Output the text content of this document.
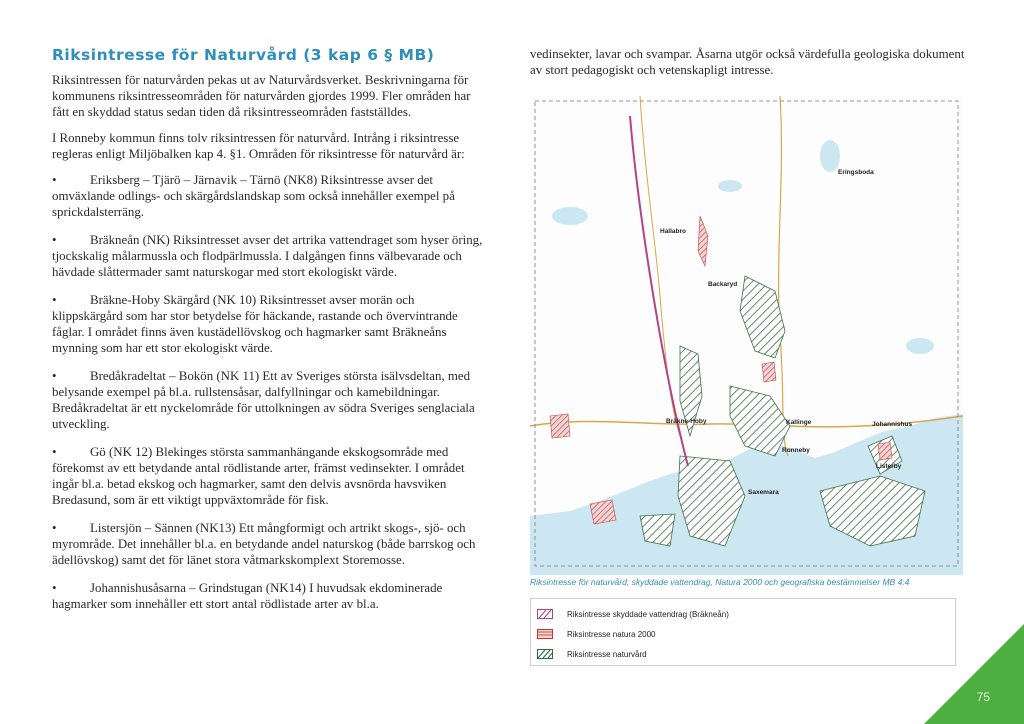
Riksintresse för Naturvård (3 kap 6 § MB)

Riksintressen för naturvården pekas ut av Naturvårdsverket. Beskrivningarna för kommunens riksintresseområden för naturvården gjordes 1999. Fler områden har fått en skyddad status sedan tiden då riksintresseområden fastställdes.

I Ronneby kommun finns tolv riksintressen för naturvård. Intrång i riksintresse regleras enligt Miljöbalken kap 4. §1. Områden för riksintresse för naturvård är:

•	Eriksberg – Tjärö – Järnavik – Tärnö (NK8) Riksintresse avser det omväxlande odlings- och skärgårdslandskap som också innehåller exempel på sprickdalsterräng.
•	Bräkneån (NK) Riksintresset avser det artrika vattendraget som hyser öring, tjockskalig målarmussla och flodpärlmussla. I dalgången finns välbevarade och hävdade slåttermader samt naturskogar med stort ekologiskt värde.
•	Bräkne-Hoby Skärgård (NK 10) Riksintresset avser morän och klippskärgård som har stor betydelse för häckande, rastande och övervintrande fåglar. I området finns även kustädellövskog och hagmarker samt Bräkneåns mynning som har ett stor ekologiskt värde.
•	Bredåkradeltat – Bokön (NK 11) Ett av Sveriges största isälvsdeltan, med belysande exempel på bl.a. rullstensåsar, dalfyllningar och kamebildningar. Bredåkradeltat är ett nyckelområde för uttolkningen av södra Sveriges senglaciala utveckling.
•	Gö (NK 12) Blekinges största sammanhängande ekskogsområde med förekomst av ett betydande antal rödlistande arter, främst vedinsekter. I området ingår bl.a. betad ekskog och hagmarker, samt den delvis avsnörda havsviken Bredasund, som är ett viktigt uppväxtområde för fisk.
•	Listersjön – Sännen (NK13) Ett mångformigt och artrikt skogs-, sjö- och myrområde. Det innehåller bl.a. en betydande andel naturskog (både barrskog och ädellövskog) samt det för länet stora våtmarkskomplext Storemosse.
•	Johannishusåsarna – Grindstugan (NK14) I huvudsak ekdominerade hagmarker som innehåller ett stort antal rödlistade arter av bl.a.

vedinsekter, lavar och svampar. Åsarna utgör också värdefulla geologiska dokument av stort pedagogiskt och vetenskapligt intresse.

Eringsboda
Hallabro
Backaryd
Kallinge
Bräkne-Hoby	Johannishus
Ronneby
Listerby
Saxemara
Riksintresse för naturvård, skyddade vattendrag, Natura 2000 och geografiska bestämmelser MB 4:4
Riksintresse skyddade vattendrag (Bräkneån)
Riksintresse natura 2000
Riksintresse naturvård
75
